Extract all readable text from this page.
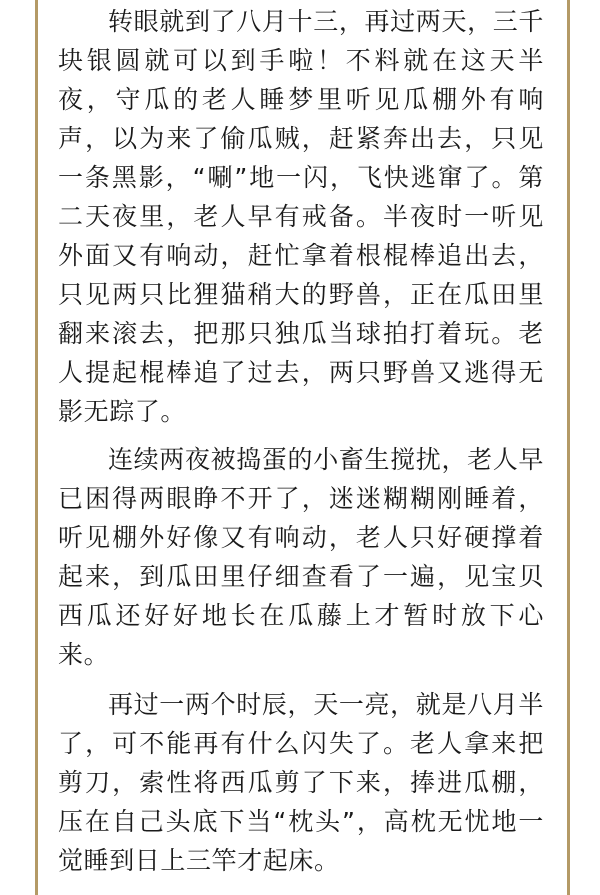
转眼就到了八月十三，再过两天，三千块银圆就可以到手啦！不料就在这天半夜，守瓜的老人睡梦里听见瓜棚外有响声，以为来了偷瓜贼，赶紧奔出去，只见一条黑影，“唰”地一闪，飞快逃窜了。第二天夜里，老人早有戒备。半夜时一听见外面又有响动，赶忙拿着根棍棒追出去，只见两只比狸猫稍大的野兽，正在瓜田里翻来滚去，把那只独瓜当球拍打着玩。老人提起棍棒追了过去，两只野兽又逃得无影无踪了。

连续两夜被捣蛋的小畜生搅扰，老人早已困得两眼睁不开了，迷迷糊糊刚睡着，听见棚外好像又有响动，老人只好硬撑着起来，到瓜田里仔细查看了一遍，见宝贝西瓜还好好地长在瓜藤上才暂时放下心来。

再过一两个时辰，天一亮，就是八月半了，可不能再有什么闪失了。老人拿来把剪刀，索性将西瓜剪了下来，捧进瓜棚，压在自己头底下当“枕头”，高枕无忧地一觉睡到日上三竿才起床。
